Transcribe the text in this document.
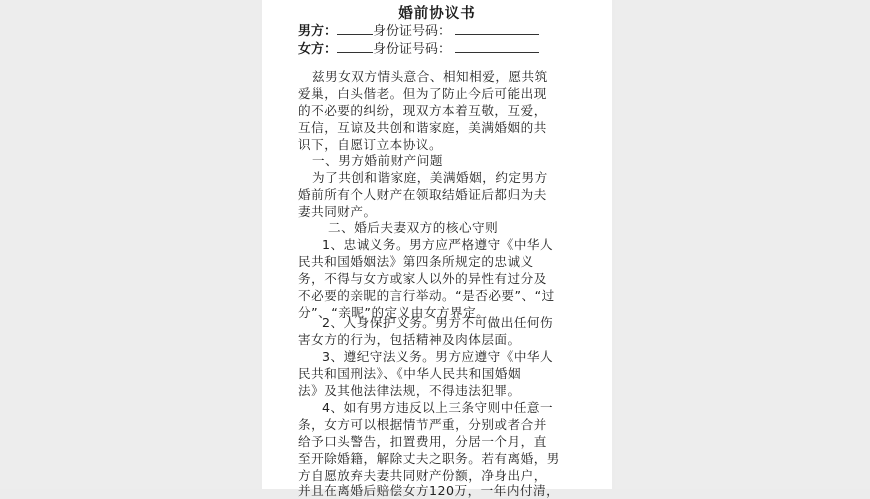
婚前协议书
男方：	身份证号码：
女方：	身份证号码：
兹男女双方情头意合、相知相爱，愿共筑
爱巢，白头偕老。但为了防止今后可能出现
的不必要的纠纷，现双方本着互敬，互爱，
互信，互谅及共创和谐家庭，美满婚姻的共
识下，自愿订立本协议。
一、男方婚前财产问题
为了共创和谐家庭，美满婚姻，约定男方
婚前所有个人财产在领取结婚证后都归为夫
妻共同财产。
二、婚后夫妻双方的核心守则
1、忠诚义务。男方应严格遵守《中华人
民共和国婚姻法》第四条所规定的忠诚义
务，不得与女方或家人以外的异性有过分及
不必要的亲昵的言行举动。“是否必要”、“过
分”、“亲昵”的定义由女方界定。
2、人身保护义务。男方不可做出任何伤
害女方的行为，包括精神及肉体层面。
3、遵纪守法义务。男方应遵守《中华人
民共和国刑法》、《中华人民共和国婚姻
法》及其他法律法规，不得违法犯罪。
4、如有男方违反以上三条守则中任意一
条，女方可以根据情节严重，分别或者合并
给予口头警告，扣置费用，分居一个月，直
至开除婚籍，解除丈夫之职务。若有离婚，男
方自愿放弃夫妻共同财产份额，净身出户，
并且在离婚后赔偿女方120万，一年内付清，
